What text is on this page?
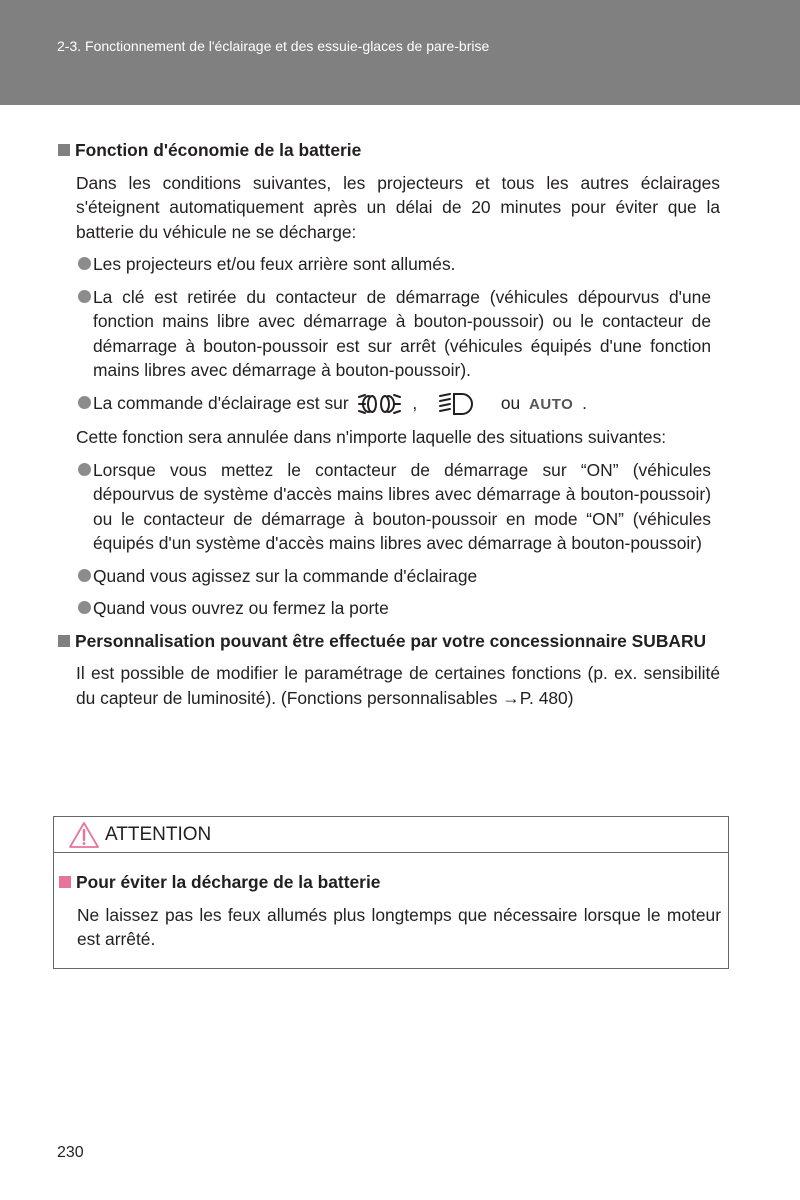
2-3. Fonctionnement de l'éclairage et des essuie-glaces de pare-brise
Fonction d'économie de la batterie

Dans les conditions suivantes, les projecteurs et tous les autres éclairages s'éteignent automatiquement après un délai de 20 minutes pour éviter que la batterie du véhicule ne se décharge:

Les projecteurs et/ou feux arrière sont allumés.
La clé est retirée du contacteur de démarrage (véhicules dépourvus d'une fonction mains libre avec démarrage à bouton-poussoir) ou le contacteur de démarrage à bouton-poussoir est sur arrêt (véhicules équipés d'une fonction mains libres avec démarrage à bouton-poussoir).
La commande d'éclairage est sur	,	ou AUTO .

Cette fonction sera annulée dans n'importe laquelle des situations suivantes:

Lorsque vous mettez le contacteur de démarrage sur “ON” (véhicules dépourvus de système d'accès mains libres avec démarrage à bouton-poussoir) ou le contacteur de démarrage à bouton-poussoir en mode “ON” (véhicules équipés d'un système d'accès mains libres avec démarrage à bouton-poussoir)
Quand vous agissez sur la commande d'éclairage
Quand vous ouvrez ou fermez la porte
Personnalisation pouvant être effectuée par votre concessionnaire SUBARU

Il est possible de modifier le paramétrage de certaines fonctions (p. ex. sensibilité du capteur de luminosité). (Fonctions personnalisables →P. 480)

ATTENTION
Pour éviter la décharge de la batterie

Ne laissez pas les feux allumés plus longtemps que nécessaire lorsque le moteur est arrêté.

230
